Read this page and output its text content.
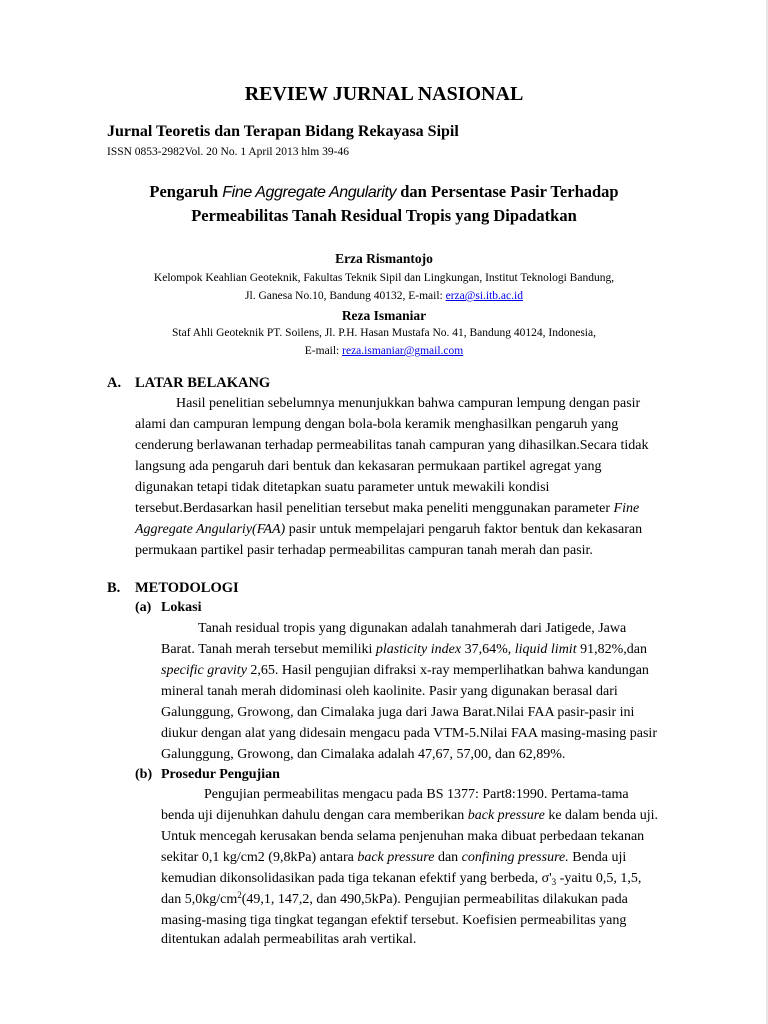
REVIEW JURNAL NASIONAL
Jurnal Teoretis dan Terapan Bidang Rekayasa Sipil
ISSN 0853-2982Vol. 20 No. 1 April 2013 hlm 39-46
Pengaruh Fine Aggregate Angularity dan Persentase Pasir Terhadap
Permeabilitas Tanah Residual Tropis yang Dipadatkan
Erza Rismantojo
Kelompok Keahlian Geoteknik, Fakultas Teknik Sipil dan Lingkungan, Institut Teknologi Bandung,
Jl. Ganesa No.10, Bandung 40132, E-mail: erza@si.itb.ac.id
Reza Ismaniar
Staf Ahli Geoteknik PT. Soilens, Jl. P.H. Hasan Mustafa No. 41, Bandung 40124, Indonesia,
E-mail: reza.ismaniar@gmail.com
A. LATAR BELAKANG
Hasil penelitian sebelumnya menunjukkan bahwa campuran lempung dengan pasir
alami dan campuran lempung dengan bola-bola keramik menghasilkan pengaruh yang
cenderung berlawanan terhadap permeabilitas tanah campuran yang dihasilkan.Secara tidak
langsung ada pengaruh dari bentuk dan kekasaran permukaan partikel agregat yang
digunakan tetapi tidak ditetapkan suatu parameter untuk mewakili kondisi
tersebut.Berdasarkan hasil penelitian tersebut maka peneliti menggunakan parameter Fine
Aggregate Angulariy(FAA) pasir untuk mempelajari pengaruh faktor bentuk dan kekasaran
permukaan partikel pasir terhadap permeabilitas campuran tanah merah dan pasir.
B. METODOLOGI
(a) Lokasi
Tanah residual tropis yang digunakan adalah tanahmerah dari Jatigede, Jawa
Barat. Tanah merah tersebut memiliki plasticity index 37,64%, liquid limit 91,82%,dan
specific gravity 2,65. Hasil pengujian difraksi x-ray memperlihatkan bahwa kandungan
mineral tanah merah didominasi oleh kaolinite. Pasir yang digunakan berasal dari
Galunggung, Growong, dan Cimalaka juga dari Jawa Barat.Nilai FAA pasir-pasir ini
diukur dengan alat yang didesain mengacu pada VTM-5.Nilai FAA masing-masing pasir
Galunggung, Growong, dan Cimalaka adalah 47,67, 57,00, dan 62,89%.
(b) Prosedur Pengujian
Pengujian permeabilitas mengacu pada BS 1377: Part8:1990. Pertama-tama
benda uji dijenuhkan dahulu dengan cara memberikan back pressure ke dalam benda uji.
Untuk mencegah kerusakan benda selama penjenuhan maka dibuat perbedaan tekanan
sekitar 0,1 kg/cm2 (9,8kPa) antara back pressure dan confining pressure. Benda uji
kemudian dikonsolidasikan pada tiga tekanan efektif yang berbeda, $\sigma'_3$ -yaitu 0,5, 1,5,
dan $5,0kg/cm^2(49,1$, 147,2, dan 490,5kPa). Pengujian permeabilitas dilakukan pada
masing-masing tiga tingkat tegangan efektif tersebut. Koefisien permeabilitas yang
ditentukan adalah permeabilitas arah vertikal.
